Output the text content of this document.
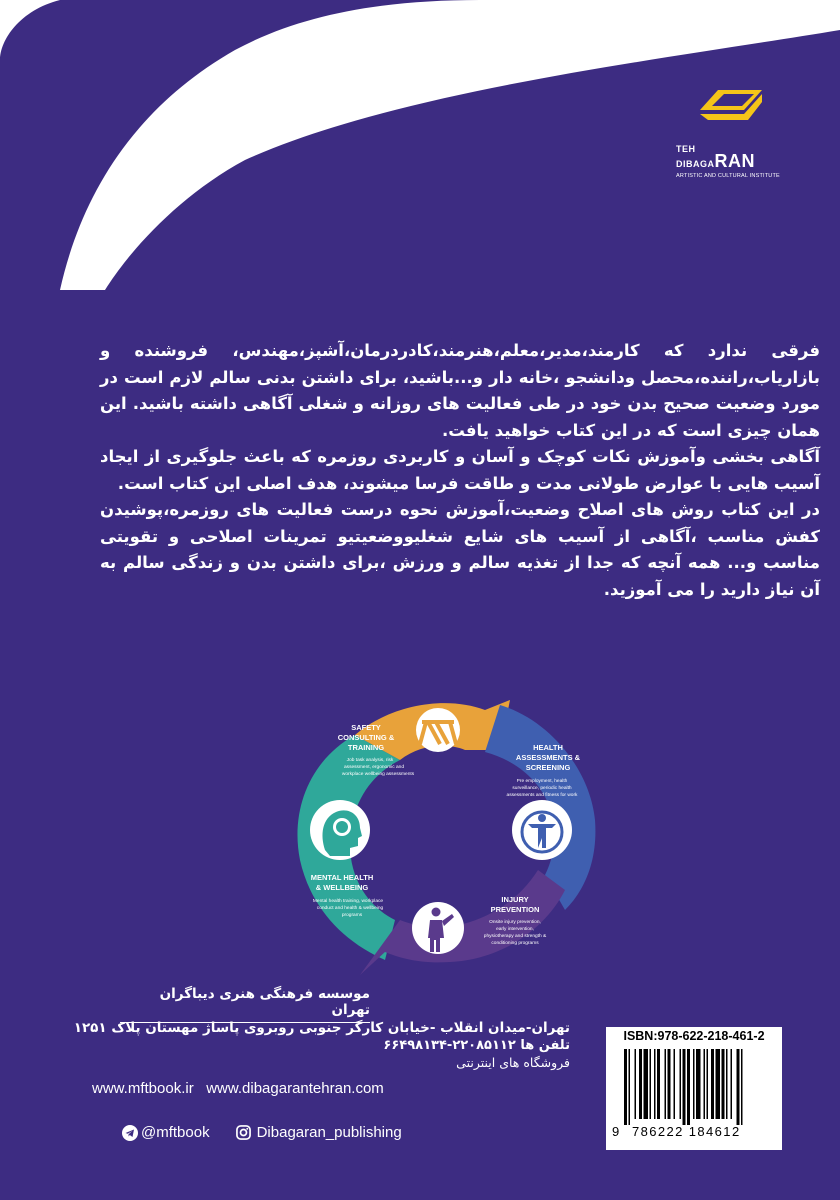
TEH
DIBAGARAN
ARTISTIC AND CULTURAL INSTITUTE

فرقی ندارد که کارمند،مدیر،معلم،هنرمند،کادردرمان،آشپز،مهندس، فروشنده و بازاریاب،راننده،محصل ودانشجو ،خانه دار و...باشید، برای داشتن بدنی سالم لازم است در مورد وضعیت صحیح بدن خود در طی فعالیت های روزانه و شغلی آگاهی داشته باشید. این همان چیزی است که در این کتاب خواهید یافت.

آگاهی بخشی وآموزش نکات کوچک و آسان و کاربردی روزمره که باعث جلوگیری از ایجاد آسیب هایی با عوارض طولانی مدت و طاقت فرسا میشوند، هدف اصلی این کتاب است.

در این کتاب روش های اصلاح وضعیت،آموزش نحوه درست فعالیت های روزمره،پوشیدن کفش مناسب ،آگاهی از آسیب های شایع شغلیووضعیتیو تمرینات اصلاحی و تقویتی مناسب و... همه آنچه که جدا از تغذیه سالم و ورزش ،برای داشتن بدن و زندگی سالم به آن نیاز دارید را می آموزید.

MENTAL HEALTH
& WELLBEING
Mental health training, workplace
conduct and health & wellbeing
programs
SAFETY
CONSULTING &
TRAINING
Job task analysis, risk
assessment, ergonomic and
workplace wellbeing assessments
HEALTH
ASSESSMENTS &
SCREENING
Pre employment, health
surveillance, periodic health
assessments and fitness for work
INJURY
PREVENTION
Onsite injury prevention,
early intervention,
physiotherapy and strength &
conditioning programs
موسسه فرهنگی هنری دیباگران تهران
تهران-میدان انقلاب -خیابان کارگر جنوبی روبروی پاساژ مهستان پلاک ۱۲۵۱
تلفن ها ۲۲۰۸۵۱۱۲-۶۶۴۹۸۱۳۴
فروشگاه های اینترنتی
www.mftbook.ir   www.dibagarantehran.com
@mftbook	Dibagaran_publishing
ISBN:978-622-218-461-2
9 786222 184612
